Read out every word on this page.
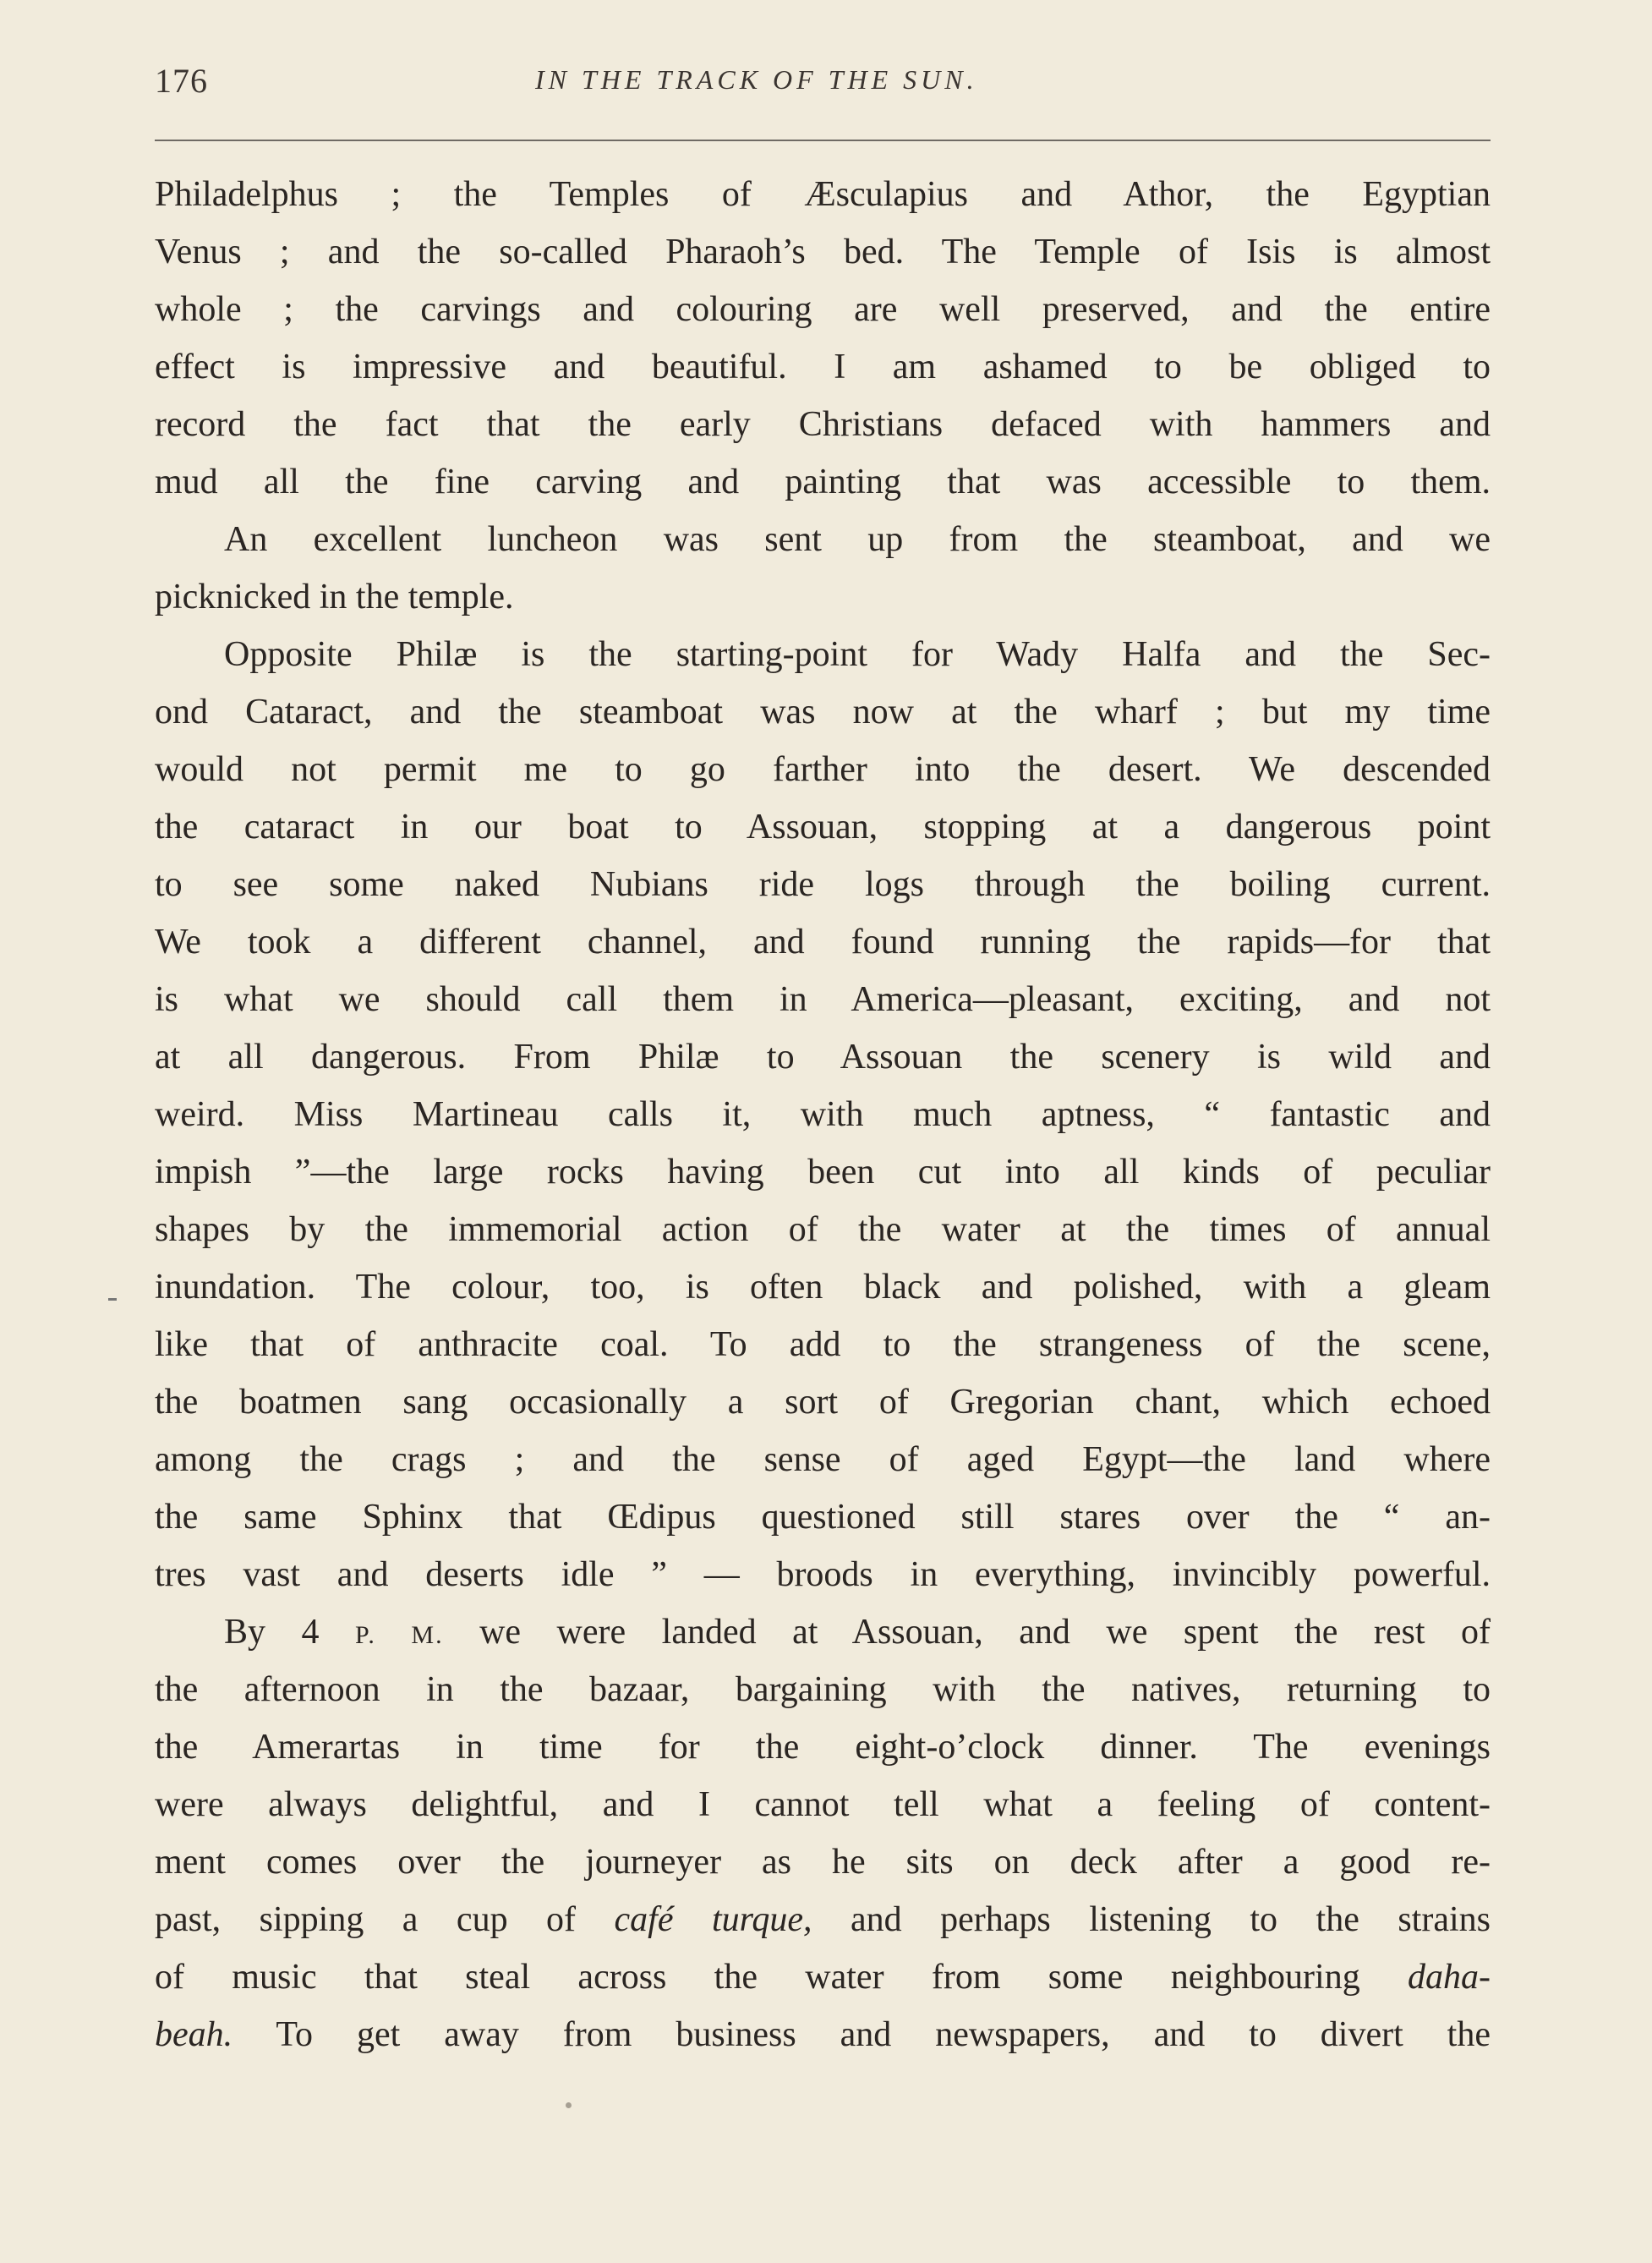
176	IN THE TRACK OF THE SUN.
Philadelphus ; the Temples of Æsculapius and Athor, the Egyptian
Venus ; and the so-called Pharaoh’s bed. The Temple of Isis is almost
whole ; the carvings and colouring are well preserved, and the entire
effect is impressive and beautiful. I am ashamed to be obliged to
record the fact that the early Christians defaced with hammers and
mud all the fine carving and painting that was accessible to them.
An excellent luncheon was sent up from the steamboat, and we
picknicked in the temple.
Opposite Philæ is the starting-point for Wady Halfa and the Sec-
ond Cataract, and the steamboat was now at the wharf ; but my time
would not permit me to go farther into the desert. We descended
the cataract in our boat to Assouan, stopping at a dangerous point
to see some naked Nubians ride logs through the boiling current.
We took a different channel, and found running the rapids—for that
is what we should call them in America—pleasant, exciting, and not
at all dangerous. From Philæ to Assouan the scenery is wild and
weird. Miss Martineau calls it, with much aptness, “ fantastic and
impish ”—the large rocks having been cut into all kinds of peculiar
shapes by the immemorial action of the water at the times of annual
inundation. The colour, too, is often black and polished, with a gleam
like that of anthracite coal. To add to the strangeness of the scene,
the boatmen sang occasionally a sort of Gregorian chant, which echoed
among the crags ; and the sense of aged Egypt—the land where
the same Sphinx that Œdipus questioned still stares over the “ an-
tres vast and deserts idle ” — broods in everything, invincibly powerful.
By 4 P. M. we were landed at Assouan, and we spent the rest of
the afternoon in the bazaar, bargaining with the natives, returning to
the Amerartas in time for the eight-o’clock dinner. The evenings
were always delightful, and I cannot tell what a feeling of content-
ment comes over the journeyer as he sits on deck after a good re-
past, sipping a cup of café turque, and perhaps listening to the strains
of music that steal across the water from some neighbouring daha-
beah. To get away from business and newspapers, and to divert the
